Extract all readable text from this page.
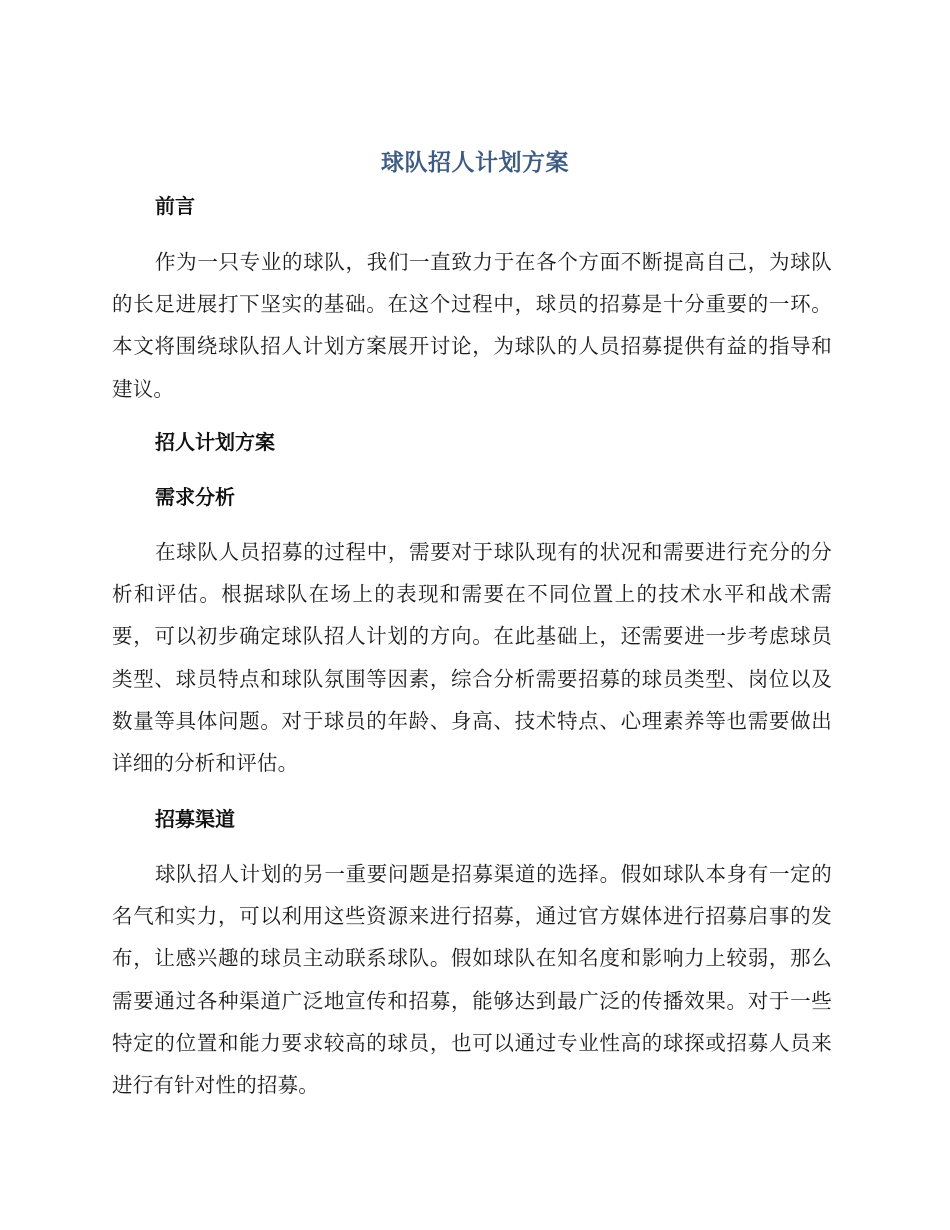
球队招人计划方案
前言
作为一只专业的球队，我们一直致力于在各个方面不断提高自己，为球队的长足进展打下坚实的基础。在这个过程中，球员的招募是十分重要的一环。本文将围绕球队招人计划方案展开讨论，为球队的人员招募提供有益的指导和建议。
招人计划方案
需求分析
在球队人员招募的过程中，需要对于球队现有的状况和需要进行充分的分析和评估。根据球队在场上的表现和需要在不同位置上的技术水平和战术需要，可以初步确定球队招人计划的方向。在此基础上，还需要进一步考虑球员类型、球员特点和球队氛围等因素，综合分析需要招募的球员类型、岗位以及数量等具体问题。对于球员的年龄、身高、技术特点、心理素养等也需要做出详细的分析和评估。
招募渠道
球队招人计划的另一重要问题是招募渠道的选择。假如球队本身有一定的名气和实力，可以利用这些资源来进行招募，通过官方媒体进行招募启事的发布，让感兴趣的球员主动联系球队。假如球队在知名度和影响力上较弱，那么需要通过各种渠道广泛地宣传和招募，能够达到最广泛的传播效果。对于一些特定的位置和能力要求较高的球员，也可以通过专业性高的球探或招募人员来进行有针对性的招募。
